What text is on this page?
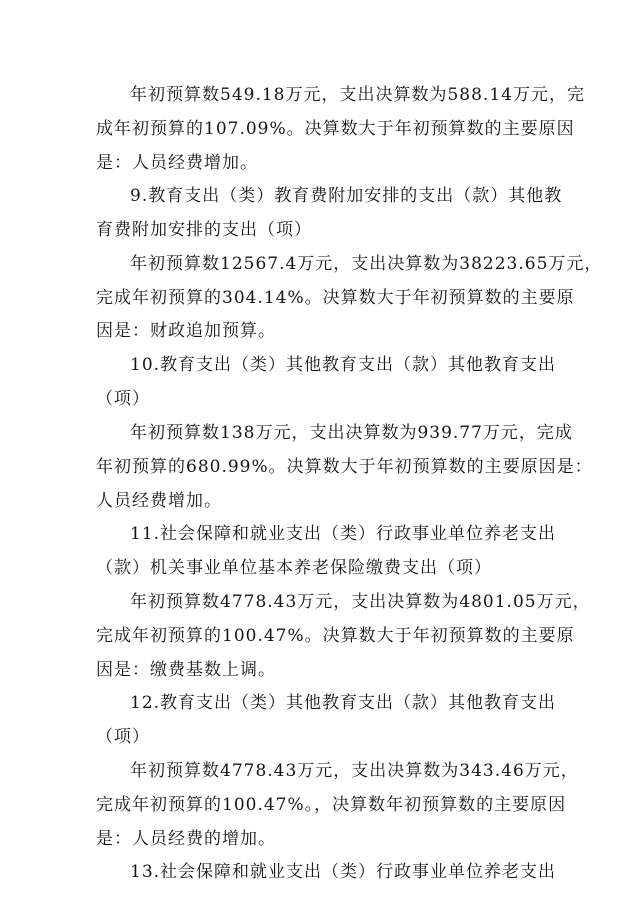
年初预算数549.18万元，支出决算数为588.14万元，完
成年初预算的107.09%。决算数大于年初预算数的主要原因
是：人员经费增加。
9.教育支出（类）教育费附加安排的支出（款）其他教
育费附加安排的支出（项）
年初预算数12567.4万元，支出决算数为38223.65万元，
完成年初预算的304.14%。决算数大于年初预算数的主要原
因是：财政追加预算。
10.教育支出（类）其他教育支出（款）其他教育支出
（项）
年初预算数138万元，支出决算数为939.77万元，完成
年初预算的680.99%。决算数大于年初预算数的主要原因是：
人员经费增加。
11.社会保障和就业支出（类）行政事业单位养老支出
（款）机关事业单位基本养老保险缴费支出（项）
年初预算数4778.43万元，支出决算数为4801.05万元，
完成年初预算的100.47%。决算数大于年初预算数的主要原
因是：缴费基数上调。
12.教育支出（类）其他教育支出（款）其他教育支出
（项）
年初预算数4778.43万元，支出决算数为343.46万元，
完成年初预算的100.47%。，决算数年初预算数的主要原因
是：人员经费的增加。
13.社会保障和就业支出（类）行政事业单位养老支出
